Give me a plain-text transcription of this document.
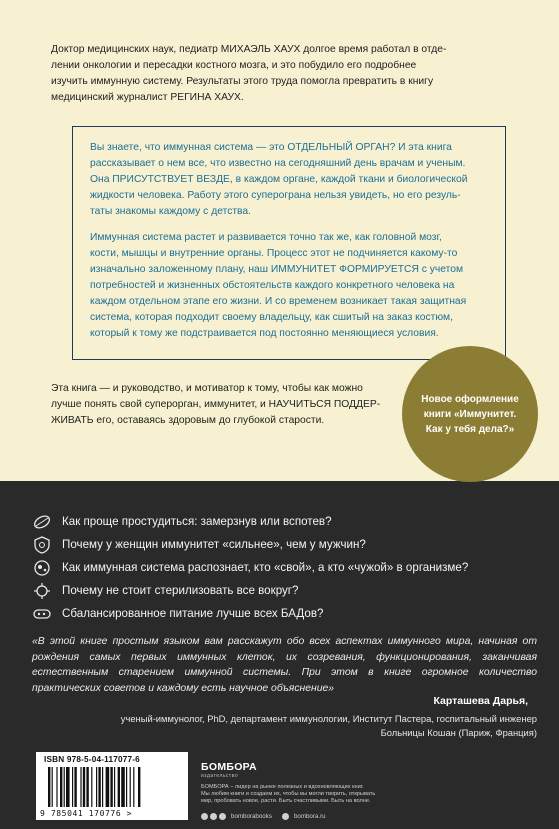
Доктор медицинских наук, педиатр МИХАЭЛЬ ХАУХ долгое время работал в отде-
лении онкологии и пересадки костного мозга, и это побудило его подробнее
изучить иммунную систему. Результаты этого труда помогла превратить в книгу
медицинский журналист РЕГИНА ХАУХ.

Вы знаете, что иммунная система — это ОТДЕЛЬНЫЙ ОРГАН? И эта книга
рассказывает о нем все, что известно на сегодняшний день врачам и ученым.
Она ПРИСУТСТВУЕТ ВЕЗДЕ, в каждом органе, каждой ткани и биологической
жидкости человека. Работу этого суперограна нельзя увидеть, но его резуль-
таты знакомы каждому с детства.

Иммунная система растет и развивается точно так же, как головной мозг,
кости, мышцы и внутренние органы. Процесс этот не подчиняется какому-то
изначально заложенному плану, наш ИММУНИТЕТ ФОРМИРУЕТСЯ с учетом
потребностей и жизненных обстоятельств каждого конкретного человека на
каждом отдельном этапе его жизни. И со временем возникает такая защитная
система, которая подходит своему владельцу, как сшитый на заказ костюм,
который к тому же подстраивается под постоянно меняющиеся условия.

Эта книга — и руководство, и мотиватор к тому, чтобы как можно
лучше понять свой суперорган, иммунитет, и НАУЧИТЬСЯ ПОДДЕР-
ЖИВАТЬ его, оставаясь здоровым до глубокой старости.
Новое оформление книги «Иммунитет. Как у тебя дела?»
Как проще простудиться: замерзнув или вспотев?
Почему у женщин иммунитет «сильнее», чем у мужчин?
Как иммунная система распознает, кто «свой», а кто «чужой» в организме?
Почему не стоит стерилизовать все вокруг?
Сбалансированное питание лучше всех БАДов?
«В этой книге простым языком вам расскажут обо всех аспектах иммунного мира, начиная от рождения самых первых иммунных клеток, их созревания, функционирования, заканчивая естественным старением иммунной системы. При этом в книге огромное количество практических советов и каждому есть научное объяснение»
Карташева Дарья,
ученый-иммунолог, PhD, департамент иммунологии, Институт Пастера, госпитальный инженер
Больницы Кошан (Париж, Франция)
ISBN 978-5-04-117077-6
9 785041 170776 >
БОМБОРА
издательство
БОМБОРА – лидер на рынке полезных и вдохновляющих книг.
Мы любим книги и создаем их, чтобы вы могли творить, открывать
мир, пробовать новое, расти. Быть счастливыми. Быть на волне.
bomborabooks	bombora.ru
